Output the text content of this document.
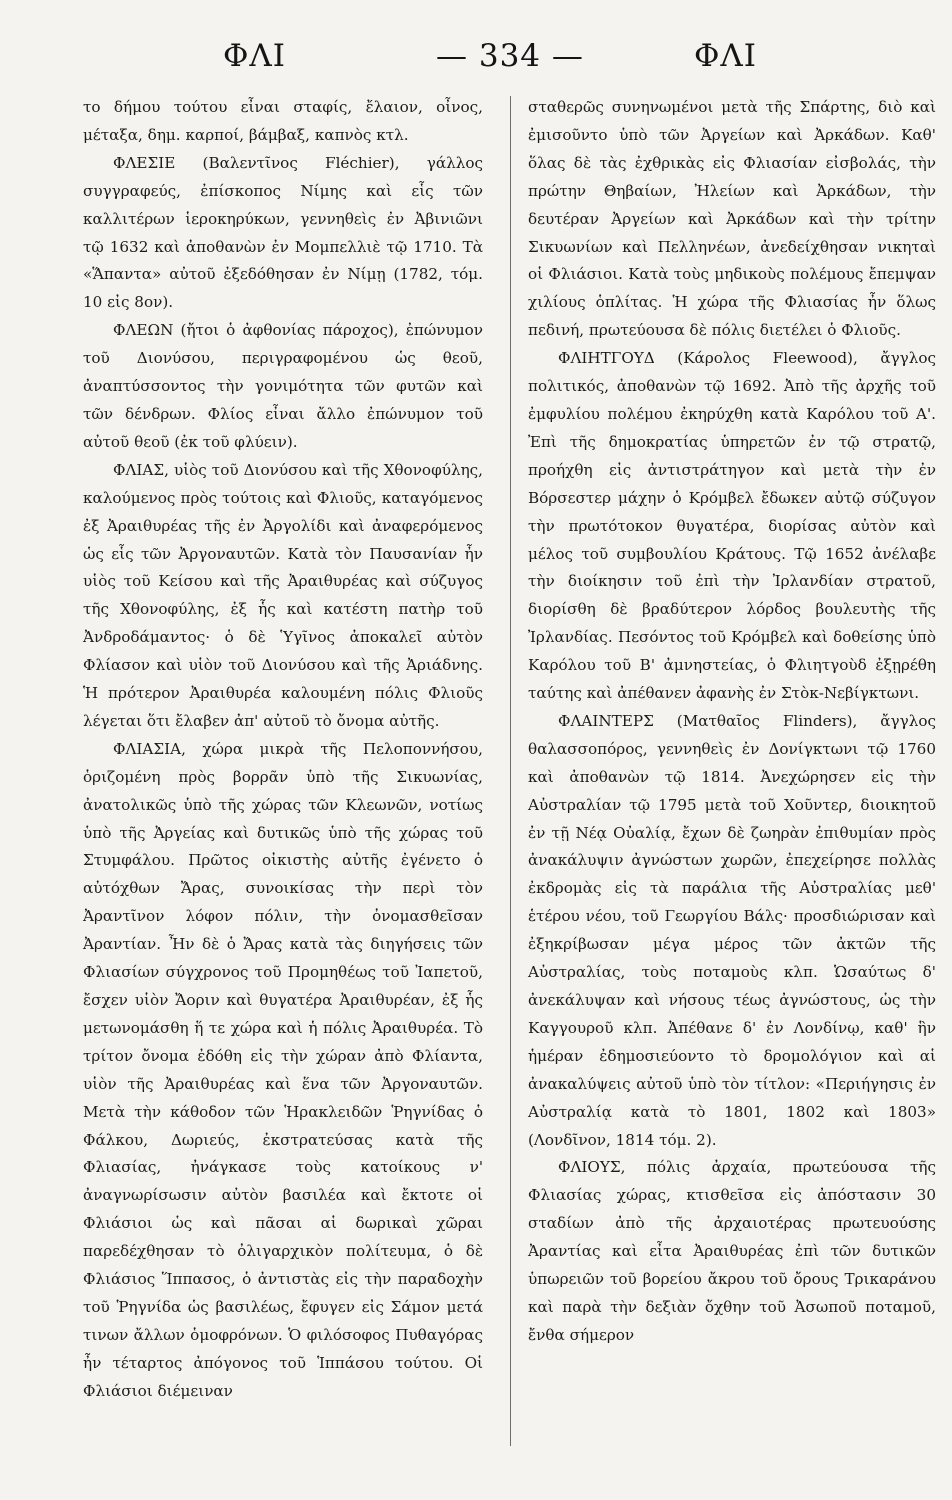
ΦΛΙ	— 334 —	ΦΛΙ

το δήμου τούτου εἶναι σταφίς, ἔλαιον, οἶνος, μέταξα, δημ. καρποί, βάμβαξ, καπνὸς κτλ.

ΦΛΕΣΙΕ (Βαλεντῖνος Fléchier), γάλλος συγγραφεύς, ἐπίσκοπος Νίμης καὶ εἷς τῶν καλλιτέρων ἱεροκηρύκων, γεννηθεὶς ἐν Ἀβινιῶνι τῷ 1632 καὶ ἀποθανὼν ἐν Μομπελλιὲ τῷ 1710. Τὰ «Ἅπαντα» αὐτοῦ ἐξεδόθησαν ἐν Νίμῃ (1782, τόμ. 10 εἰς 8ον).

ΦΛΕΩΝ (ἤτοι ὁ ἀφθονίας πάροχος), ἐπώνυμον τοῦ Διονύσου, περιγραφομένου ὡς θεοῦ, ἀναπτύσσοντος τὴν γονιμότητα τῶν φυτῶν καὶ τῶν δένδρων. Φλίος εἶναι ἄλλο ἐπώνυμον τοῦ αὐτοῦ θεοῦ (ἐκ τοῦ φλύειν).

ΦΛΙΑΣ, υἱὸς τοῦ Διονύσου καὶ τῆς Χθονοφύλης, καλούμενος πρὸς τούτοις καὶ Φλιοῦς, καταγόμενος ἐξ Ἀραιθυρέας τῆς ἐν Ἀργολίδι καὶ ἀναφερόμενος ὡς εἷς τῶν Ἀργοναυτῶν. Κατὰ τὸν Παυσανίαν ἦν υἱὸς τοῦ Κείσου καὶ τῆς Ἀραιθυρέας καὶ σύζυγος τῆς Χθονοφύλης, ἐξ ἧς καὶ κατέστη πατὴρ τοῦ Ἀνδροδάμαντος· ὁ δὲ Ὑγῖνος ἀποκαλεῖ αὐτὸν Φλίασον καὶ υἱὸν τοῦ Διονύσου καὶ τῆς Ἀριάδνης. Ἡ πρότερον Ἀραιθυρέα καλουμένη πόλις Φλιοῦς λέγεται ὅτι ἔλαβεν ἀπ' αὐτοῦ τὸ ὄνομα αὐτῆς.

ΦΛΙΑΣΙΑ, χώρα μικρὰ τῆς Πελοποννήσου, ὁριζομένη πρὸς βορρᾶν ὑπὸ τῆς Σικυωνίας, ἀνατολικῶς ὑπὸ τῆς χώρας τῶν Κλεωνῶν, νοτίως ὑπὸ τῆς Ἀργείας καὶ δυτικῶς ὑπὸ τῆς χώρας τοῦ Στυμφάλου. Πρῶτος οἰκιστὴς αὐτῆς ἐγένετο ὁ αὐτόχθων Ἄρας, συνοικίσας τὴν περὶ τὸν Ἀραντῖνον λόφον πόλιν, τὴν ὀνομασθεῖσαν Ἀραντίαν. Ἦν δὲ ὁ Ἄρας κατὰ τὰς διηγήσεις τῶν Φλιασίων σύγχρονος τοῦ Προμηθέως τοῦ Ἰαπετοῦ, ἔσχεν υἱὸν Ἄοριν καὶ θυγατέρα Ἀραιθυρέαν, ἐξ ἧς μετωνομάσθη ἥ τε χώρα καὶ ἡ πόλις Ἀραιθυρέα. Τὸ τρίτον ὄνομα ἐδόθη εἰς τὴν χώραν ἀπὸ Φλίαντα, υἱὸν τῆς Ἀραιθυρέας καὶ ἕνα τῶν Ἀργοναυτῶν. Μετὰ τὴν κάθοδον τῶν Ἡρακλειδῶν Ῥηγνίδας ὁ Φάλκου, Δωριεύς, ἐκστρατεύσας κατὰ τῆς Φλιασίας, ἠνάγκασε τοὺς κατοίκους ν' ἀναγνωρίσωσιν αὐτὸν βασιλέα καὶ ἔκτοτε οἱ Φλιάσιοι ὡς καὶ πᾶσαι αἱ δωρικαὶ χῶραι παρεδέχθησαν τὸ ὀλιγαρχικὸν πολίτευμα, ὁ δὲ Φλιάσιος Ἵππασος, ὁ ἀντιστὰς εἰς τὴν παραδοχὴν τοῦ Ῥηγνίδα ὡς βασιλέως, ἔφυγεν εἰς Σάμον μετά τινων ἄλλων ὁμοφρόνων. Ὁ φιλόσοφος Πυθαγόρας ἦν τέταρτος ἀπόγονος τοῦ Ἱππάσου τούτου. Οἱ Φλιάσιοι διέμειναν

σταθερῶς συνηνωμένοι μετὰ τῆς Σπάρτης, διὸ καὶ ἐμισοῦντο ὑπὸ τῶν Ἀργείων καὶ Ἀρκάδων. Καθ' ὅλας δὲ τὰς ἐχθρικὰς εἰς Φλιασίαν εἰσβολάς, τὴν πρώτην Θηβαίων, Ἠλείων καὶ Ἀρκάδων, τὴν δευτέραν Ἀργείων καὶ Ἀρκάδων καὶ τὴν τρίτην Σικυωνίων καὶ Πελληνέων, ἀνεδείχθησαν νικηταὶ οἱ Φλιάσιοι. Κατὰ τοὺς μηδικοὺς πολέμους ἔπεμψαν χιλίους ὁπλίτας. Ἡ χώρα τῆς Φλιασίας ἦν ὅλως πεδινή, πρωτεύουσα δὲ πόλις διετέλει ὁ Φλιοῦς.

ΦΛΙΗΤΓΟΥΔ (Κάρολος Fleewood), ἄγγλος πολιτικός, ἀποθανὼν τῷ 1692. Ἀπὸ τῆς ἀρχῆς τοῦ ἐμφυλίου πολέμου ἐκηρύχθη κατὰ Καρόλου τοῦ Α'. Ἐπὶ τῆς δημοκρατίας ὑπηρετῶν ἐν τῷ στρατῷ, προήχθη εἰς ἀντιστράτηγον καὶ μετὰ τὴν ἐν Βόρσεστερ μάχην ὁ Κρόμβελ ἔδωκεν αὐτῷ σύζυγον τὴν πρωτότοκον θυγατέρα, διορίσας αὐτὸν καὶ μέλος τοῦ συμβουλίου Κράτους. Τῷ 1652 ἀνέλαβε τὴν διοίκησιν τοῦ ἐπὶ τὴν Ἰρλανδίαν στρατοῦ, διορίσθη δὲ βραδύτερον λόρδος βουλευτὴς τῆς Ἰρλανδίας. Πεσόντος τοῦ Κρόμβελ καὶ δοθείσης ὑπὸ Καρόλου τοῦ Β' ἀμνηστείας, ὁ Φλιητγοὺδ ἐξῃρέθη ταύτης καὶ ἀπέθανεν ἀφανὴς ἐν Στὸκ-Νεβίγκτωνι.

ΦΛΑΙΝΤΕΡΣ (Ματθαῖος Flinders), ἄγγλος θαλασσοπόρος, γεννηθεὶς ἐν Δονίγκτωνι τῷ 1760 καὶ ἀποθανὼν τῷ 1814. Ἀνεχώρησεν εἰς τὴν Αὐστραλίαν τῷ 1795 μετὰ τοῦ Χοῦντερ, διοικητοῦ ἐν τῇ Νέᾳ Οὐαλίᾳ, ἔχων δὲ ζωηρὰν ἐπιθυμίαν πρὸς ἀνακάλυψιν ἀγνώστων χωρῶν, ἐπεχείρησε πολλὰς ἐκδρομὰς εἰς τὰ παράλια τῆς Αὐστραλίας μεθ' ἑτέρου νέου, τοῦ Γεωργίου Βάλς· προσδιώρισαν καὶ ἐξηκρίβωσαν μέγα μέρος τῶν ἀκτῶν τῆς Αὐστραλίας, τοὺς ποταμοὺς κλπ. Ὡσαύτως δ' ἀνεκάλυψαν καὶ νήσους τέως ἀγνώστους, ὡς τὴν Καγγουροῦ κλπ. Ἀπέθανε δ' ἐν Λονδίνῳ, καθ' ἣν ἡμέραν ἐδημοσιεύοντο τὸ δρομολόγιον καὶ αἱ ἀνακαλύψεις αὐτοῦ ὑπὸ τὸν τίτλον: «Περιήγησις ἐν Αὐστραλίᾳ κατὰ τὸ 1801, 1802 καὶ 1803» (Λονδῖνον, 1814 τόμ. 2).

ΦΛΙΟΥΣ, πόλις ἀρχαία, πρωτεύουσα τῆς Φλιασίας χώρας, κτισθεῖσα εἰς ἀπόστασιν 30 σταδίων ἀπὸ τῆς ἀρχαιοτέρας πρωτευούσης Ἀραντίας καὶ εἶτα Ἀραιθυρέας ἐπὶ τῶν δυτικῶν ὑπωρειῶν τοῦ βορείου ἄκρου τοῦ ὄρους Τρικαράνου καὶ παρὰ τὴν δεξιὰν ὄχθην τοῦ Ἀσωποῦ ποταμοῦ, ἔνθα σήμερον
